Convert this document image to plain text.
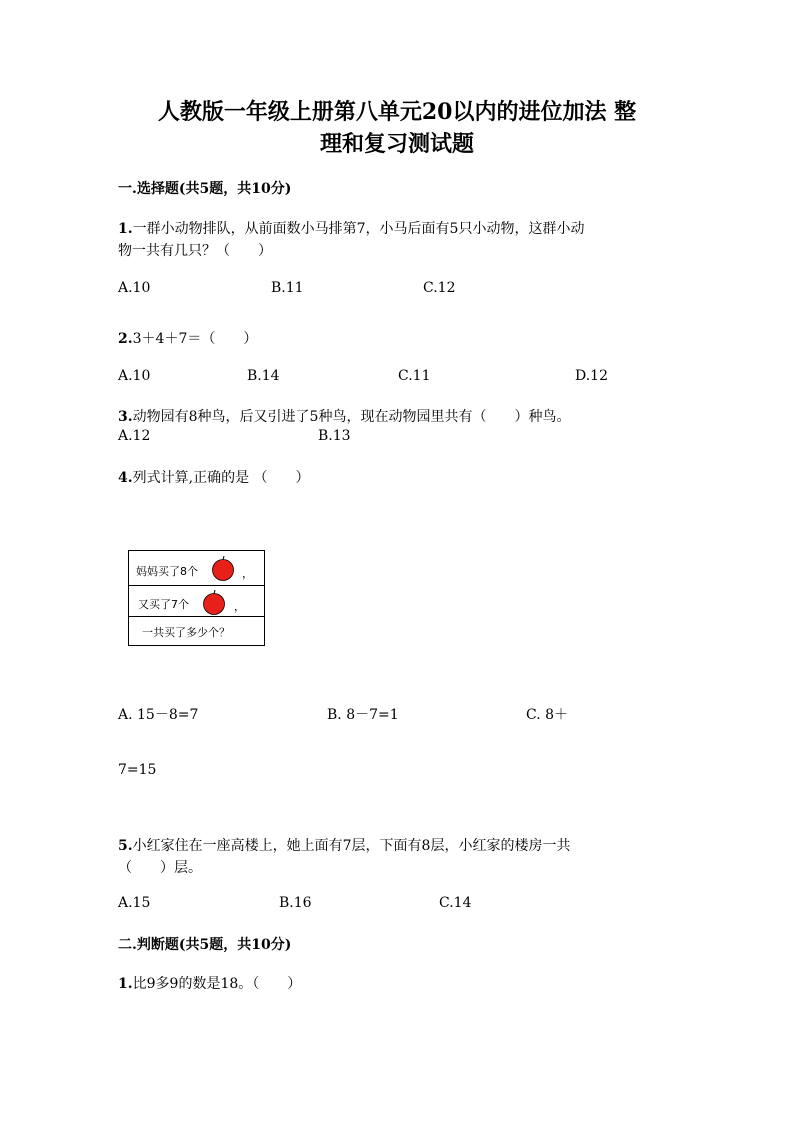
人教版一年级上册第八单元20以内的进位加法 整
理和复习测试题
一.选择题(共5题，共10分)
1.一群小动物排队，从前面数小马排第7，小马后面有5只小动物，这群小动
物一共有几只？（　　）
A.10	B.11	C.12
2.3＋4＋7＝（　　）
A.10	B.14	C.11	D.12
3.动物园有8种鸟，后又引进了5种鸟，现在动物园里共有（　　）种鸟。
A.12	B.13
4.列式计算,正确的是 （　　）
妈妈买了8个	，
又买了7个	，
一共买了多少个？
A. 15－8=7	B. 8－7=1	C. 8＋
7=15
5.小红家住在一座高楼上，她上面有7层，下面有8层，小红家的楼房一共
（　　）层。
A.15	B.16	C.14
二.判断题(共5题，共10分)
1.比9多9的数是18。（　　）
